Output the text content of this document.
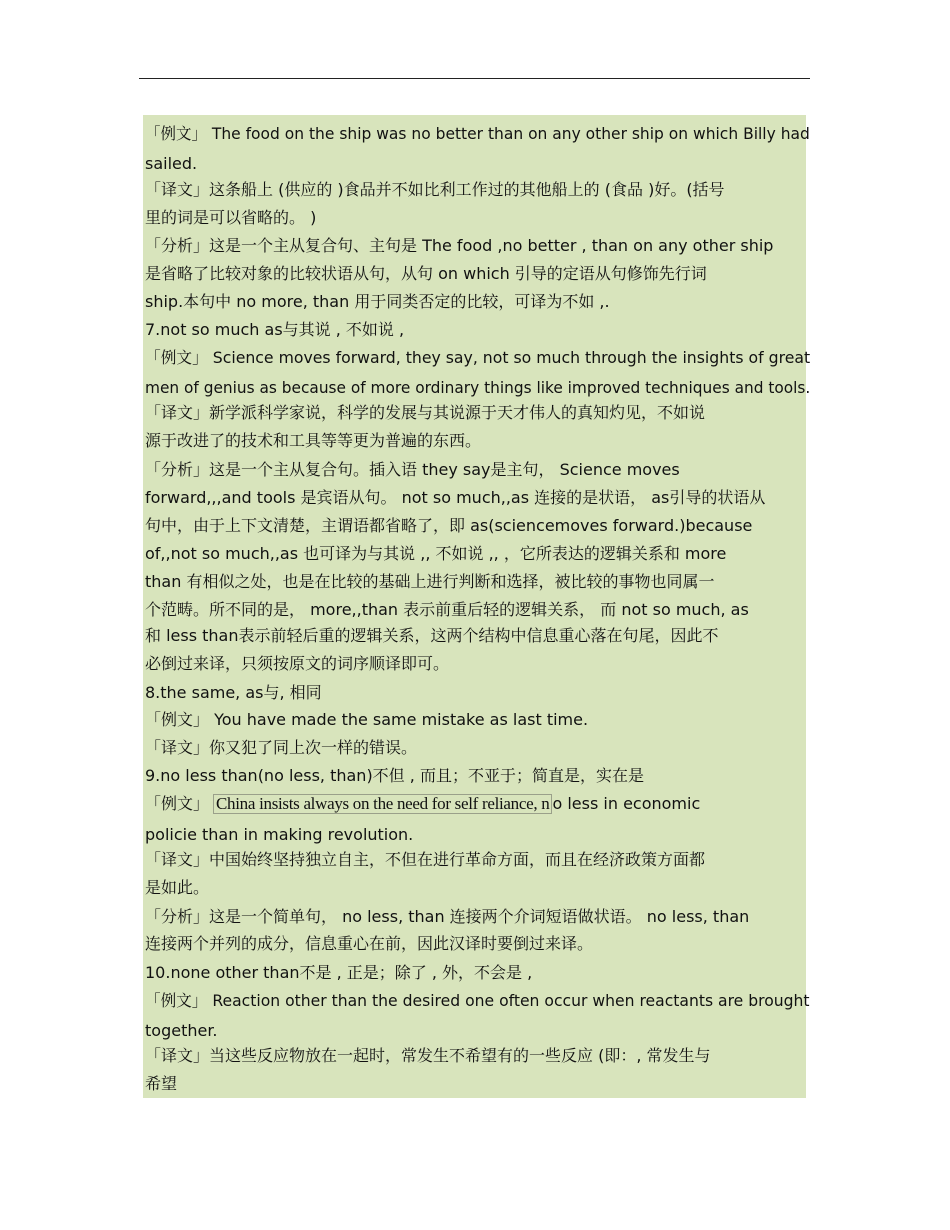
「例文」 The food on the ship was no better than on any other ship on which Billy had
sailed.
「译文」这条船上 (供应的 )食品并不如比利工作过的其他船上的 (食品 )好。(括号
里的词是可以省略的。 )
「分析」这是一个主从复合句、主句是 The food ,no better , than on any other ship
是省略了比较对象的比较状语从句，从句 on which 引导的定语从句修饰先行词
ship.本句中 no more, than 用于同类否定的比较，可译为不如 ,.
7.not so much as与其说 , 不如说 ,
「例文」 Science moves forward, they say, not so much through the insights of great
men of genius as because of more ordinary things like improved techniques and tools.
「译文」新学派科学家说，科学的发展与其说源于天才伟人的真知灼见，不如说
源于改进了的技术和工具等等更为普遍的东西。
「分析」这是一个主从复合句。插入语 they say是主句， Science moves
forward,,,and tools 是宾语从句。 not so much,,as 连接的是状语， as引导的状语从
句中，由于上下文清楚，主谓语都省略了，即 as(sciencemoves forward.)because
of,,not so much,,as 也可译为与其说 ,, 不如说 ,, ，它所表达的逻辑关系和 more
than 有相似之处，也是在比较的基础上进行判断和选择，被比较的事物也同属一
个范畴。所不同的是， more,,than 表示前重后轻的逻辑关系， 而 not so much, as
和 less than表示前轻后重的逻辑关系，这两个结构中信息重心落在句尾，因此不
必倒过来译，只须按原文的词序顺译即可。
8.the same, as与, 相同
「例文」 You have made the same mistake as last time.
「译文」你又犯了同上次一样的错误。
9.no less than(no less, than)不但 , 而且；不亚于；简直是，实在是
「例文」 China insists always on the need for self reliance, n o less in economic
policie than in making revolution.
「译文」中国始终坚持独立自主，不但在进行革命方面，而且在经济政策方面都
是如此。
「分析」这是一个简单句， no less, than 连接两个介词短语做状语。 no less, than
连接两个并列的成分，信息重心在前，因此汉译时要倒过来译。
10.none other than不是 , 正是；除了 , 外，不会是 ,
「例文」 Reaction other than the desired one often occur when reactants are brought
together.
「译文」当这些反应物放在一起时，常发生不希望有的一些反应 (即：, 常发生与
希望
